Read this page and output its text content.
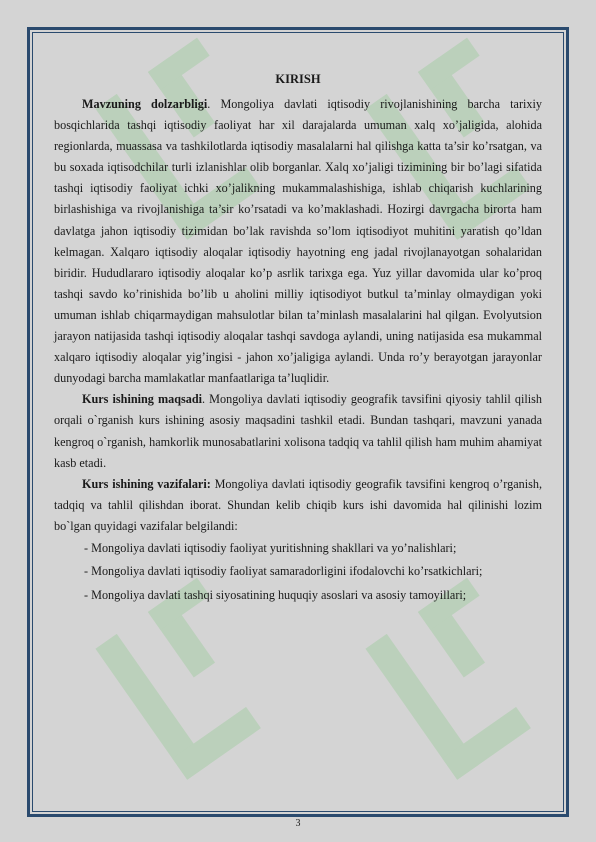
KIRISH

Mavzuning dolzarbligi. Mongoliya davlati iqtisodiy rivojlanishining barcha tarixiy bosqichlarida tashqi iqtisodiy faoliyat har xil darajalarda umuman xalq xo’jaligida, alohida regionlarda, muassasa va tashkilotlarda iqtisodiy masalalarni hal qilishga katta ta’sir ko’rsatgan, va bu soxada iqtisodchilar turli izlanishlar olib borganlar. Xalq xo’jaligi tizimining bir bo’lagi sifatida tashqi iqtisodiy faoliyat ichki xo’jalikning mukammalashishiga, ishlab chiqarish kuchlarining birlashishiga va rivojlanishiga ta’sir ko’rsatadi va ko’maklashadi. Hozirgi davrgacha birorta ham davlatga jahon iqtisodiy tizimidan bo’lak ravishda so’lom iqtisodiyot muhitini yaratish qo’ldan kelmagan. Xalqaro iqtisodiy aloqalar iqtisodiy hayotning eng jadal rivojlanayotgan sohalaridan biridir. Hududlararo iqtisodiy aloqalar ko’p asrlik tarixga ega. Yuz yillar davomida ular ko’proq tashqi savdo ko’rinishida bo’lib u aholini milliy iqtisodiyot butkul ta’minlay olmaydigan yoki umuman ishlab chiqarmaydigan mahsulotlar bilan ta’minlash masalalarini hal qilgan. Evolyutsion jarayon natijasida tashqi iqtisodiy aloqalar tashqi savdoga aylandi, uning natijasida esa mukammal xalqaro iqtisodiy aloqalar yig’ingisi - jahon xo’jaligiga aylandi. Unda ro’y berayotgan jarayonlar dunyodagi barcha mamlakatlar manfaatlariga ta’luqlidir.

Kurs ishining maqsadi. Mongoliya davlati iqtisodiy geografik tavsifini qiyosiy tahlil qilish orqali o`rganish kurs ishining asosiy maqsadini tashkil etadi. Bundan tashqari, mavzuni yanada kengroq o`rganish, hamkorlik munosabatlarini xolisona tadqiq va tahlil qilish ham muhim ahamiyat kasb etadi.

Kurs ishining vazifalari: Mongoliya davlati iqtisodiy geografik tavsifini kengroq o’rganish, tadqiq va tahlil qilishdan iborat. Shundan kelib chiqib kurs ishi davomida hal qilinishi lozim bo`lgan quyidagi vazifalar belgilandi:

- Mongoliya davlati iqtisodiy faoliyat yuritishning shakllari va yo’nalishlari;
- Mongoliya davlati iqtisodiy faoliyat samaradorligini ifodalovchi ko’rsatkichlari;
- Mongoliya davlati tashqi siyosatining huquqiy asoslari va asosiy tamoyillari;
3
